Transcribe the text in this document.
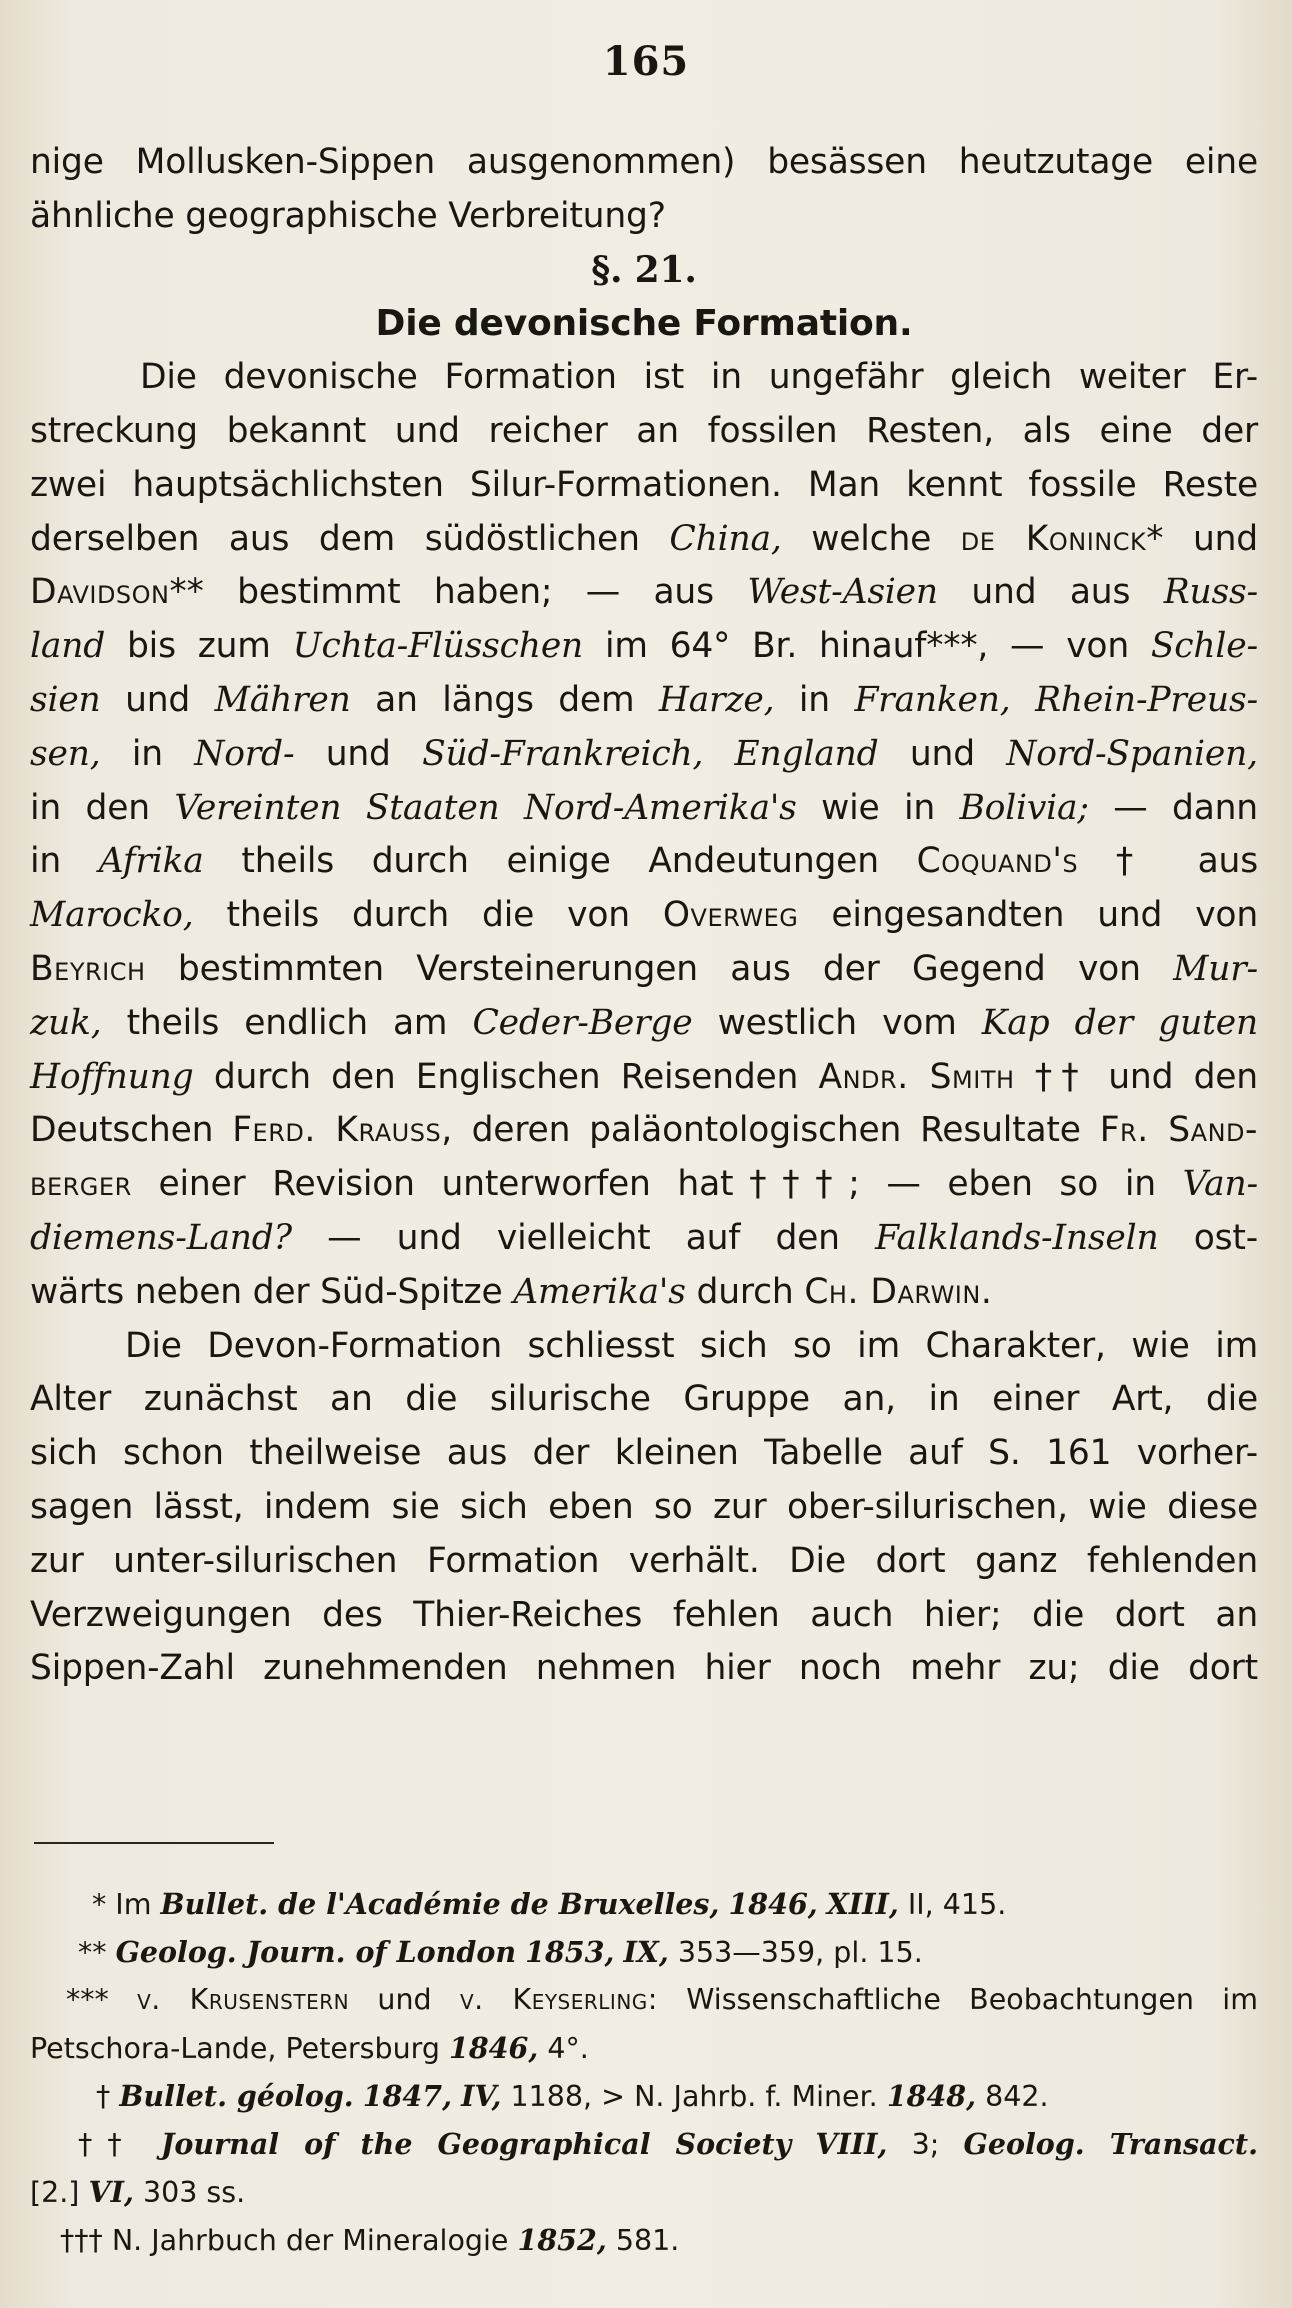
165
nige Mollusken-Sippen ausgenommen) besässen heutzutage eine
ähnliche geographische Verbreitung?
§. 21.
Die devonische Formation.
Die devonische Formation ist in ungefähr gleich weiter Er-
streckung bekannt und reicher an fossilen Resten, als eine der
zwei hauptsächlichsten Silur-Formationen. Man kennt fossile Reste
derselben aus dem südöstlichen China, welche de Koninck* und
Davidson** bestimmt haben; — aus West-Asien und aus Russ-
land bis zum Uchta-Flüsschen im 64° Br. hinauf***, — von Schle-
sien und Mähren an längs dem Harze, in Franken, Rhein-Preus-
sen, in Nord- und Süd-Frankreich, England und Nord-Spanien,
in den Vereinten Staaten Nord-Amerika's wie in Bolivia; — dann
in Afrika theils durch einige Andeutungen Coquand's † aus
Marocko, theils durch die von Overweg eingesandten und von
Beyrich bestimmten Versteinerungen aus der Gegend von Mur-
zuk, theils endlich am Ceder-Berge westlich vom Kap der guten
Hoffnung durch den Englischen Reisenden Andr. Smith †† und den
Deutschen Ferd. Krauss, deren paläontologischen Resultate Fr. Sand-
berger einer Revision unterworfen hat†††; — eben so in Van-
diemens-Land? — und vielleicht auf den Falklands-Inseln ost-
wärts neben der Süd-Spitze Amerika's durch Ch. Darwin.
Die Devon-Formation schliesst sich so im Charakter, wie im
Alter zunächst an die silurische Gruppe an, in einer Art, die
sich schon theilweise aus der kleinen Tabelle auf S. 161 vorher-
sagen lässt, indem sie sich eben so zur ober-silurischen, wie diese
zur unter-silurischen Formation verhält. Die dort ganz fehlenden
Verzweigungen des Thier-Reiches fehlen auch hier; die dort an
Sippen-Zahl zunehmenden nehmen hier noch mehr zu; die dort
* Im Bullet. de l'Académie de Bruxelles, 1846, XIII, II, 415.
** Geolog. Journ. of London 1853, IX, 353—359, pl. 15.
*** v. Krusenstern und v. Keyserling: Wissenschaftliche Beobachtungen im
Petschora-Lande, Petersburg 1846, 4°.
† Bullet. géolog. 1847, IV, 1188, > N. Jahrb. f. Miner. 1848, 842.
†† Journal of the Geographical Society VIII, 3; Geolog. Transact.
[2.] VI, 303 ss.
††† N. Jahrbuch der Mineralogie 1852, 581.
